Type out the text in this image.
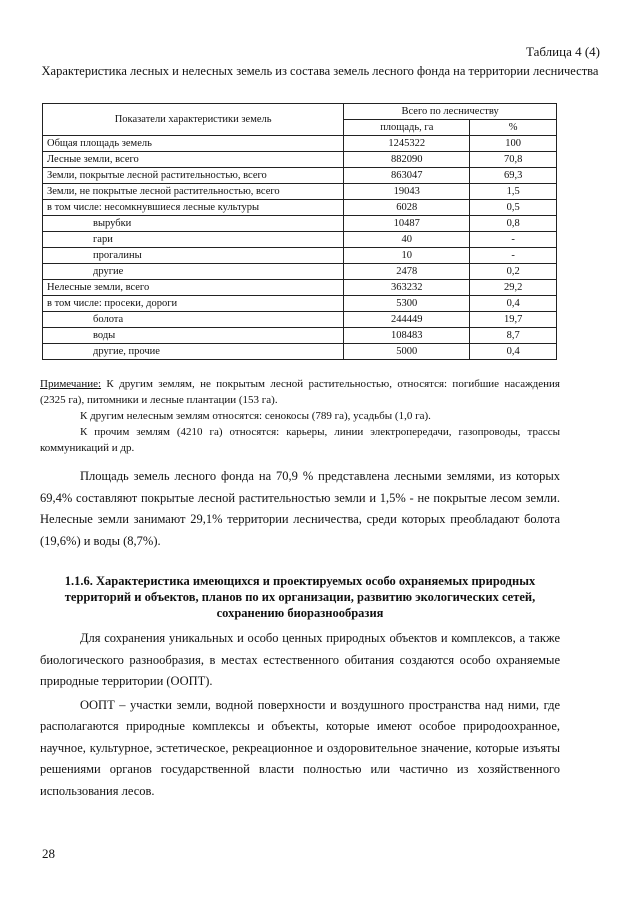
Таблица 4 (4)
Характеристика лесных и нелесных земель из состава земель лесного фонда на территории лесничества
Показатели характеристики земель	Всего по лесничеству	
	площадь, га	%
Общая площадь земель	1245322	100
Лесные земли, всего	882090	70,8
Земли, покрытые лесной растительностью, всего	863047	69,3
Земли, не покрытые лесной растительностью, всего	19043	1,5
в том числе: несомкнувшиеся лесные культуры	6028	0,5
вырубки	10487	0,8
гари	40	-
прогалины	10	-
другие	2478	0,2
Нелесные земли, всего	363232	29,2
в том числе: просеки, дороги	5300	0,4
болота	244449	19,7
воды	108483	8,7
другие, прочие	5000	0,4

Примечание: К другим землям, не покрытым лесной растительностью, относятся: погибшие насаждения (2325 га), питомники и лесные плантации (153 га).

К другим нелесным землям относятся: сенокосы (789 га), усадьбы (1,0 га).

К прочим землям (4210 га) относятся: карьеры, линии электропередачи, газопроводы, трассы коммуникаций и др.

Площадь земель лесного фонда на 70,9 % представлена лесными землями, из которых 69,4% составляют покрытые лесной растительностью земли и 1,5% - не покрытые лесом земли. Нелесные земли занимают 29,1% территории лесничества, среди которых преобладают болота (19,6%) и воды (8,7%).

1.1.6. Характеристика имеющихся и проектируемых особо охраняемых природных территорий и объектов, планов по их организации, развитию экологических сетей, сохранению биоразнообразия

Для сохранения уникальных и особо ценных природных объектов и комплексов, а также биологического разнообразия, в местах естественного обитания создаются особо охраняемые природные территории (ООПТ).

ООПТ – участки земли, водной поверхности и воздушного пространства над ними, где располагаются природные комплексы и объекты, которые имеют особое природоохранное, научное, культурное, эстетическое, рекреационное и оздоровительное значение, которые изъяты решениями органов государственной власти полностью или частично из хозяйственного использования лесов.

28
